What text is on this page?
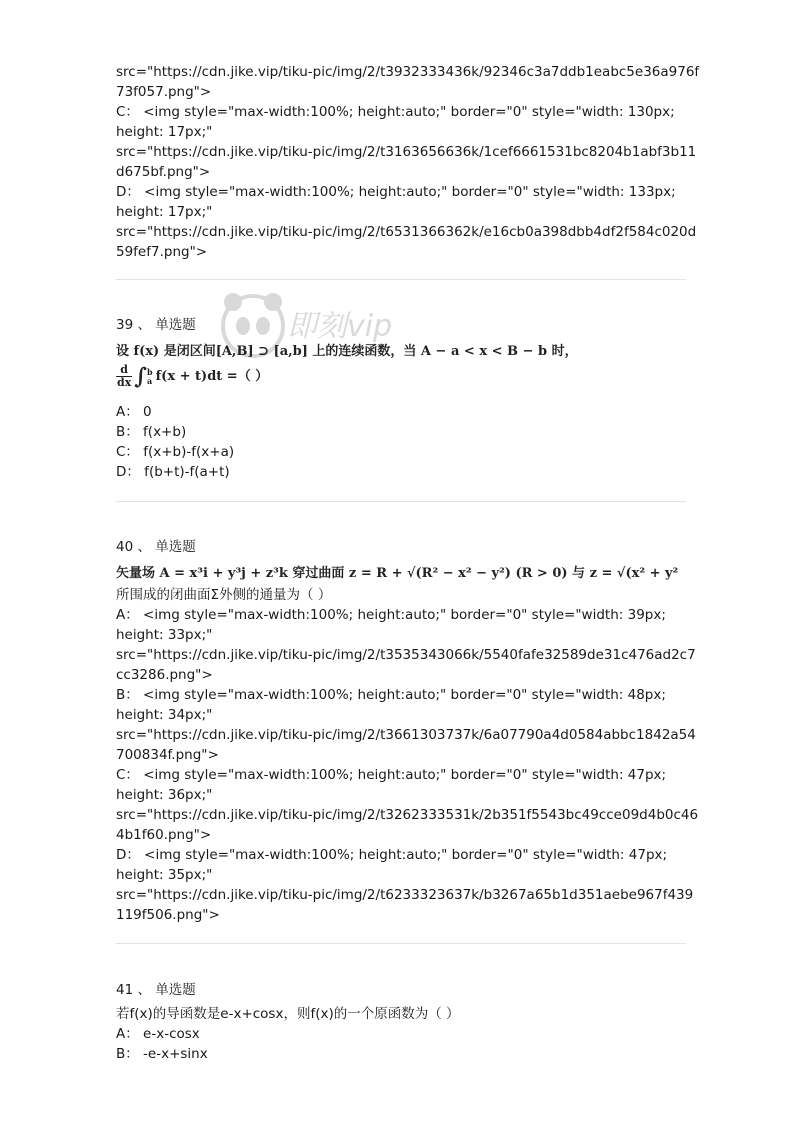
src="https://cdn.jike.vip/tiku-pic/img/2/t3932333436k/92346c3a7ddb1eabc5e36a976f
73f057.png">
C： <img style="max-width:100%; height:auto;" border="0" style="width: 130px;
height: 17px;"
src="https://cdn.jike.vip/tiku-pic/img/2/t3163656636k/1cef6661531bc8204b1abf3b11
d675bf.png">
D： <img style="max-width:100%; height:auto;" border="0" style="width: 133px;
height: 17px;"
src="https://cdn.jike.vip/tiku-pic/img/2/t6531366362k/e16cb0a398dbb4df2f584c020d
59fef7.png">
即刻vip
39 、 单选题
设 f(x) 是闭区间[A,B] ⊃ [a,b] 上的连续函数，当 A − a < x < B − b 时，
$\frac{d}{dx}$ ∫ b
a f(x + t)dt =（ ）
A： 0
B： f(x+b)
C： f(x+b)-f(x+a)
D： f(b+t)-f(a+t)
40 、 单选题
矢量场 A = x³i + y³j + z³k 穿过曲面 z = R + √(R² − x² − y²) (R > 0) 与 z = √(x² + y²
所围成的闭曲面Σ外侧的通量为（ ）
A： <img style="max-width:100%; height:auto;" border="0" style="width: 39px;
height: 33px;"
src="https://cdn.jike.vip/tiku-pic/img/2/t3535343066k/5540fafe32589de31c476ad2c7
cc3286.png">
B： <img style="max-width:100%; height:auto;" border="0" style="width: 48px;
height: 34px;"
src="https://cdn.jike.vip/tiku-pic/img/2/t3661303737k/6a07790a4d0584abbc1842a54
700834f.png">
C： <img style="max-width:100%; height:auto;" border="0" style="width: 47px;
height: 36px;"
src="https://cdn.jike.vip/tiku-pic/img/2/t3262333531k/2b351f5543bc49cce09d4b0c46
4b1f60.png">
D： <img style="max-width:100%; height:auto;" border="0" style="width: 47px;
height: 35px;"
src="https://cdn.jike.vip/tiku-pic/img/2/t6233323637k/b3267a65b1d351aebe967f439
119f506.png">
41 、 单选题
若f(x)的导函数是e-x+cosx，则f(x)的一个原函数为（ ）
A： e-x-cosx
B： -e-x+sinx
